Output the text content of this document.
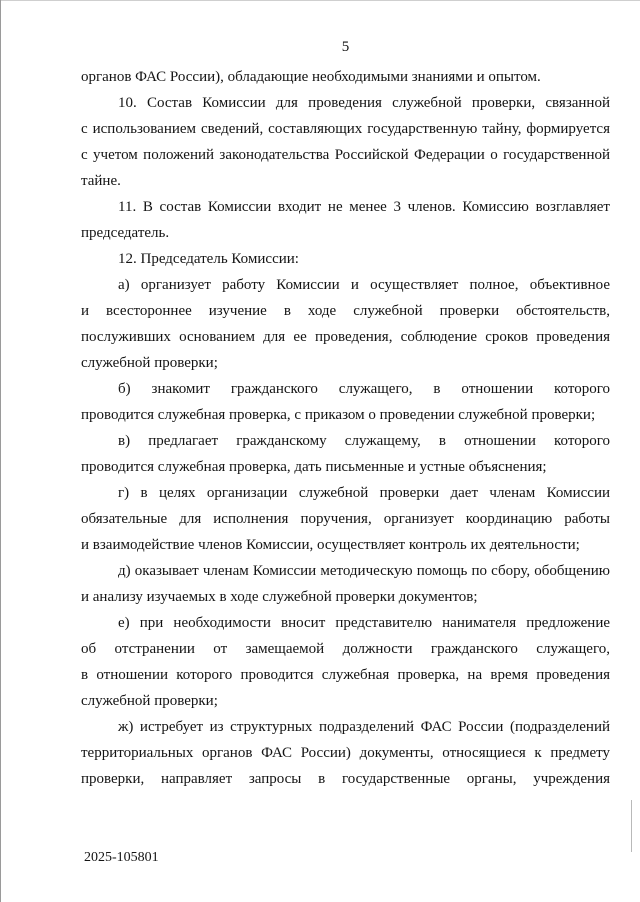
5
органов ФАС России), обладающие необходимыми знаниями и опытом.
10. Состав Комиссии для проведения служебной проверки, связанной
с использованием сведений, составляющих государственную тайну, формируется
с учетом положений законодательства Российской Федерации о государственной
тайне.
11. В состав Комиссии входит не менее 3 членов. Комиссию возглавляет
председатель.
12. Председатель Комиссии:
а) организует работу Комиссии и осуществляет полное, объективное
и всестороннее изучение в ходе служебной проверки обстоятельств,
послуживших основанием для ее проведения, соблюдение сроков проведения
служебной проверки;
б) знакомит гражданского служащего, в отношении которого
проводится служебная проверка, с приказом о проведении служебной проверки;
в) предлагает гражданскому служащему, в отношении которого
проводится служебная проверка, дать письменные и устные объяснения;
г) в целях организации служебной проверки дает членам Комиссии
обязательные для исполнения поручения, организует координацию работы
и взаимодействие членов Комиссии, осуществляет контроль их деятельности;
д) оказывает членам Комиссии методическую помощь по сбору, обобщению
и анализу изучаемых в ходе служебной проверки документов;
е) при необходимости вносит представителю нанимателя предложение
об отстранении от замещаемой должности гражданского служащего,
в отношении которого проводится служебная проверка, на время проведения
служебной проверки;
ж) истребует из структурных подразделений ФАС России (подразделений
территориальных органов ФАС России) документы, относящиеся к предмету
проверки, направляет запросы в государственные органы, учреждения
2025-105801
